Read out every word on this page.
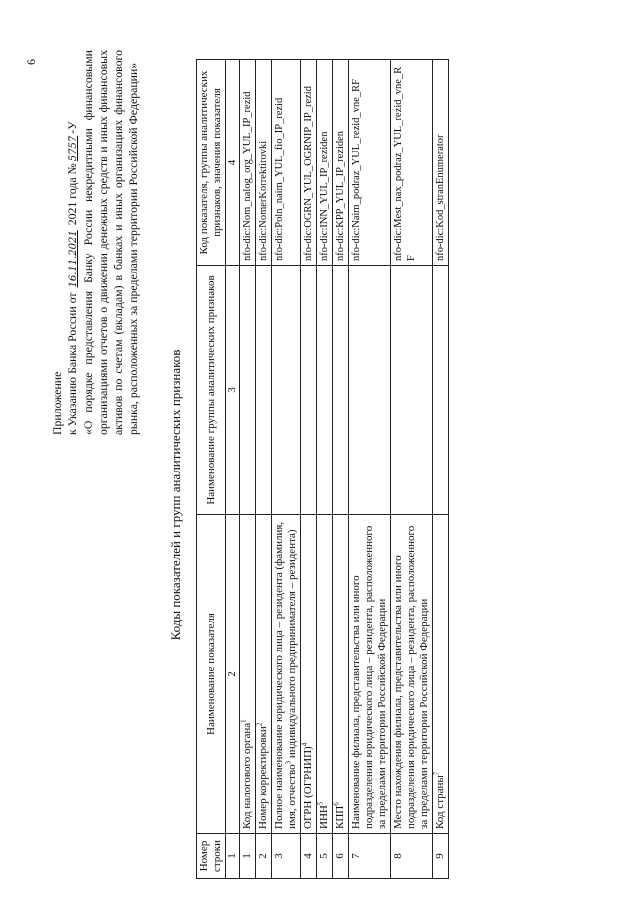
6
Приложение к Указанию Банка России от 16.11.2021 2021 года №5757-У «О порядке представления Банку России некредитными финансовыми организациями отчетов о движении денежных средств и иных финансовых активов по счетам (вкладам) в банках и иных организациях финансового рынка, расположенных за пределами территории Российской Федерации»
Коды показателей и групп аналитических признаков
Номер строки	Наименование показателя	Наименование группы аналитических признаков	Код показателя, группы аналитических признаков, значения показателя
1	2	3	4
1	Код налогового органа$^1$		nfo-dic:Nom_nalog_org_YUL_IP_rezid
2	Номер корректировки$^2$		nfo-dic:NomerKorrektirovki
3	Полное наименование юридического лица – резидента (фамилия, имя, отчество$^3$ индивидуального предпринимателя – резидента)		nfo-dic:Poln_naim_YUL_fio_IP_rezid
4	ОГРН (ОГРНИП)$^4$		nfo-dic:OGRN_YUL_OGRNIP_IP_rezid
5	ИНН$^5$		nfo-dic:INN_YUL_IP_reziden
6	КПП$^6$		nfo-dic:KPP_YUL_IP_reziden
7	Наименование филиала, представительства или иного подразделения юридического лица – резидента, расположенного за пределами территории Российской Федерации		nfo-dic:Naim_podraz_YUL_rezid_vne_RF
8	Место нахождения филиала, представительства или иного подразделения юридического лица – резидента, расположенного за пределами территории Российской Федерации		nfo-dic:Mest_nax_podraz_YUL_rezid_vne_RF
9	Код страны$^7$		nfo-dic:Kod_stranEnumerator
